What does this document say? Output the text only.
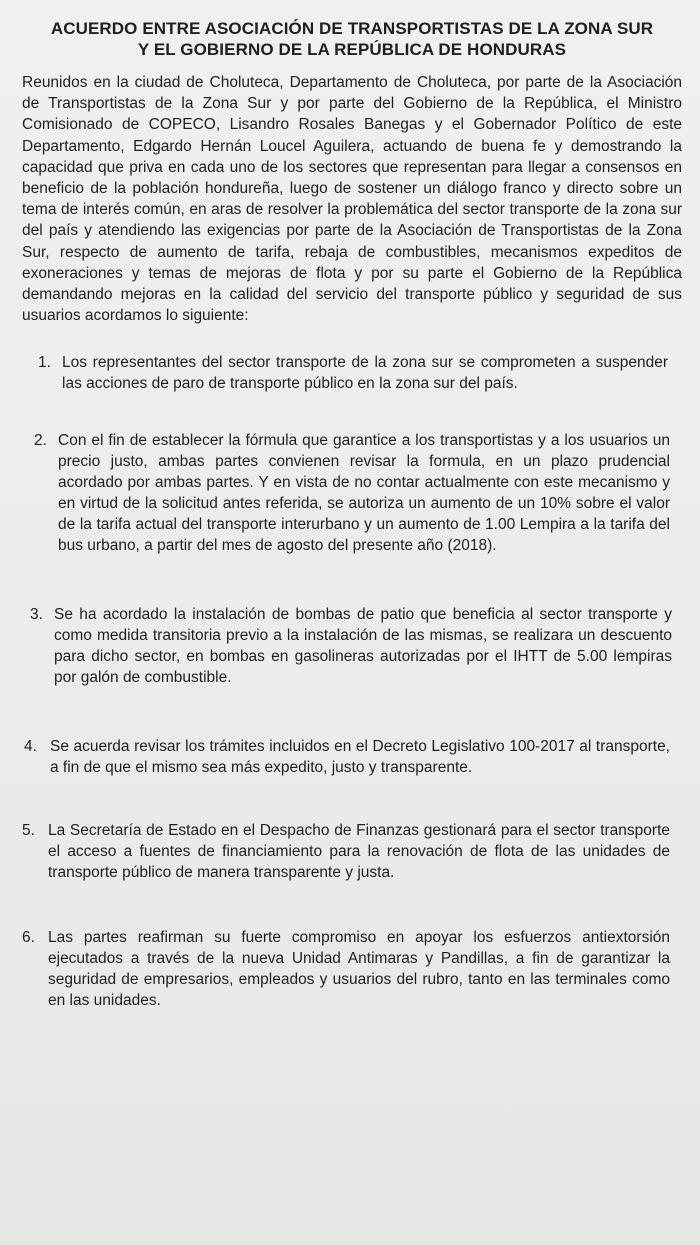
ACUERDO ENTRE ASOCIACIÓN DE TRANSPORTISTAS DE LA ZONA SUR
Y EL GOBIERNO DE LA REPÚBLICA DE HONDURAS

Reunidos en la ciudad de Choluteca, Departamento de Choluteca, por parte de la Asociación de Transportistas de la Zona Sur y por parte del Gobierno de la República, el Ministro Comisionado de COPECO, Lisandro Rosales Banegas y el Gobernador Político de este Departamento, Edgardo Hernán Loucel Aguilera, actuando de buena fe y demostrando la capacidad que priva en cada uno de los sectores que representan para llegar a consensos en beneficio de la población hondureña, luego de sostener un diálogo franco y directo sobre un tema de interés común, en aras de resolver la problemática del sector transporte de la zona sur del país y atendiendo las exigencias por parte de la Asociación de Transportistas de la Zona Sur, respecto de aumento de tarifa, rebaja de combustibles, mecanismos expeditos de exoneraciones y temas de mejoras de flota y por su parte el Gobierno de la República demandando mejoras en la calidad del servicio del transporte público y seguridad de sus usuarios acordamos lo siguiente:

1. Los representantes del sector transporte de la zona sur se comprometen a suspender las acciones de paro de transporte público en la zona sur del país.
2. Con el fin de establecer la fórmula que garantice a los transportistas y a los usuarios un precio justo, ambas partes convienen revisar la formula, en un plazo prudencial acordado por ambas partes. Y en vista de no contar actualmente con este mecanismo y en virtud de la solicitud antes referida, se autoriza un aumento de un 10% sobre el valor de la tarifa actual del transporte interurbano y un aumento de 1.00 Lempira a la tarifa del bus urbano, a partir del mes de agosto del presente año (2018).
3. Se ha acordado la instalación de bombas de patio que beneficia al sector transporte y como medida transitoria previo a la instalación de las mismas, se realizara un descuento para dicho sector, en bombas en gasolineras autorizadas por el IHTT de 5.00 lempiras por galón de combustible.
4. Se acuerda revisar los trámites incluidos en el Decreto Legislativo 100-2017 al transporte, a fin de que el mismo sea más expedito, justo y transparente.
5. La Secretaría de Estado en el Despacho de Finanzas gestionará para el sector transporte el acceso a fuentes de financiamiento para la renovación de flota de las unidades de transporte público de manera transparente y justa.
6. Las partes reafirman su fuerte compromiso en apoyar los esfuerzos antiextorsión ejecutados a través de la nueva Unidad Antimaras y Pandillas, a fin de garantizar la seguridad de empresarios, empleados y usuarios del rubro, tanto en las terminales como en las unidades.
